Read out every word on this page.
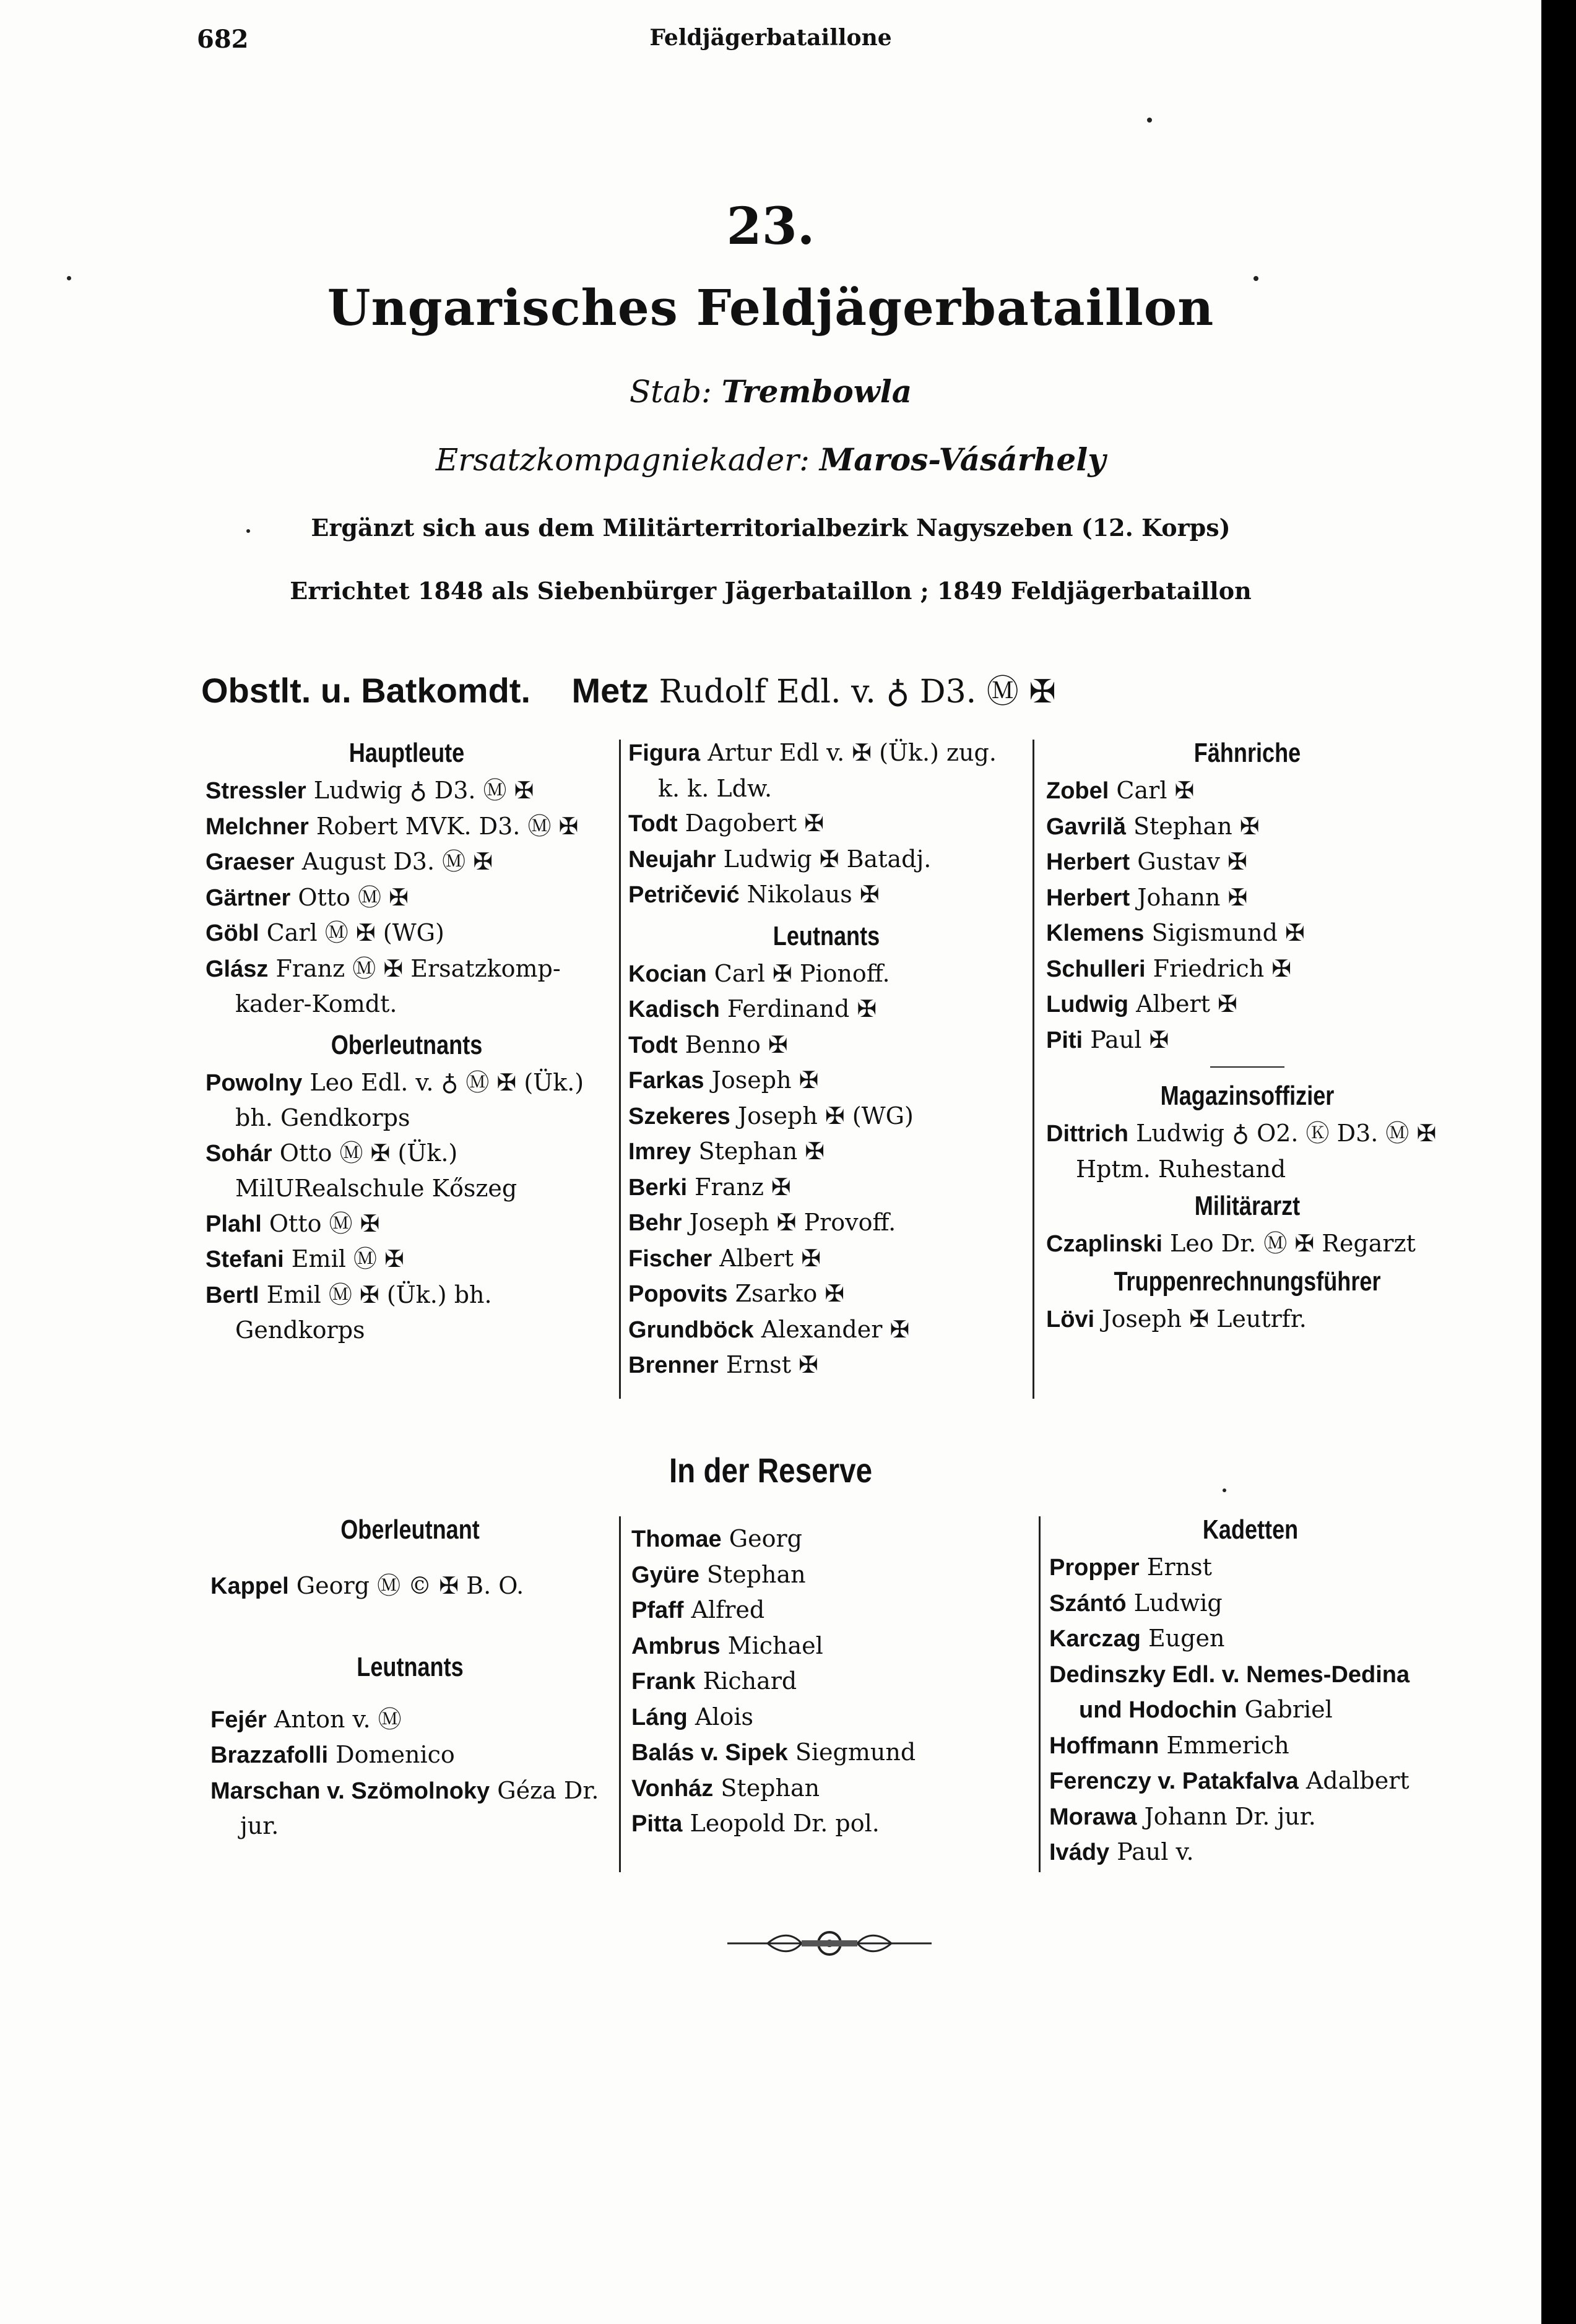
682	Feldjägerbataillone
23.
Ungarisches Feldjägerbataillon
Stab: Trembowla
Ersatzkompagniekader: Maros-Vásárhely
Ergänzt sich aus dem Militärterritorialbezirk Nagyszeben (12. Korps)
Errichtet 1848 als Siebenbürger Jägerbataillon ; 1849 Feldjägerbataillon
Obstlt. u. Batkomdt. Metz Rudolf Edl. v. ♁ D3. Ⓜ ✠
Hauptleute
Stressler Ludwig ♁ D3. Ⓜ ✠
Melchner Robert MVK. D3. Ⓜ ✠
Graeser August D3. Ⓜ ✠
Gärtner Otto Ⓜ ✠
Göbl Carl Ⓜ ✠ (WG)
Glász Franz Ⓜ ✠ Ersatzkomp-kader-Komdt.
Oberleutnants
Powolny Leo Edl. v. ♁ Ⓜ ✠ (Ük.) bh. Gendkorps
Sohár Otto Ⓜ ✠ (Ük.) MilURealschule Kőszeg
Plahl Otto Ⓜ ✠
Stefani Emil Ⓜ ✠
Bertl Emil Ⓜ ✠ (Ük.) bh. Gendkorps
Figura Artur Edl v. ✠ (Ük.) zug. k. k. Ldw.
Todt Dagobert ✠
Neujahr Ludwig ✠ Batadj.
Petričević Nikolaus ✠
Leutnants
Kocian Carl ✠ Pionoff.
Kadisch Ferdinand ✠
Todt Benno ✠
Farkas Joseph ✠
Szekeres Joseph ✠ (WG)
Imrey Stephan ✠
Berki Franz ✠
Behr Joseph ✠ Provoff.
Fischer Albert ✠
Popovits Zsarko ✠
Grundböck Alexander ✠
Brenner Ernst ✠
Fähnriche
Zobel Carl ✠
Gavrilă Stephan ✠
Herbert Gustav ✠
Herbert Johann ✠
Klemens Sigismund ✠
Schulleri Friedrich ✠
Ludwig Albert ✠
Piti Paul ✠
Magazinsoffizier
Dittrich Ludwig ♁ O2. Ⓚ D3. Ⓜ ✠ Hptm. Ruhestand
Militärarzt
Czaplinski Leo Dr. Ⓜ ✠ Regarzt
Truppenrechnungsführer
Lövi Joseph ✠ Leutrfr.
In der Reserve
Oberleutnant
Kappel Georg Ⓜ © ✠ B. O.
Leutnants
Fejér Anton v. Ⓜ
Brazzafolli Domenico
Marschan v. Szömolnoky Géza Dr. jur.
Thomae Georg
Gyüre Stephan
Pfaff Alfred
Ambrus Michael
Frank Richard
Láng Alois
Balás v. Sipek Siegmund
Vonház Stephan
Pitta Leopold Dr. pol.
Kadetten
Propper Ernst
Szántó Ludwig
Karczag Eugen
Dedinszky Edl. v. Nemes-Dedina und Hodochin Gabriel
Hoffmann Emmerich
Ferenczy v. Patakfalva Adalbert
Morawa Johann Dr. jur.
Ivády Paul v.
